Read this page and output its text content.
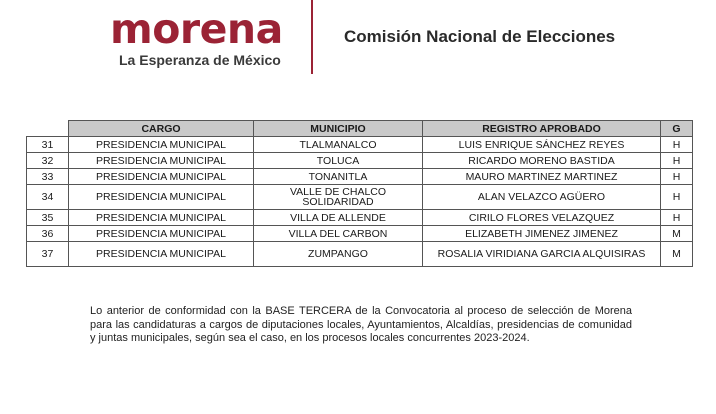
morena
La Esperanza de México
Comisión Nacional de Elecciones
	CARGO	MUNICIPIO	REGISTRO APROBADO	G
31	PRESIDENCIA MUNICIPAL	TLALMANALCO	LUIS ENRIQUE SÁNCHEZ REYES	H
32	PRESIDENCIA MUNICIPAL	TOLUCA	RICARDO MORENO BASTIDA	H
33	PRESIDENCIA MUNICIPAL	TONANITLA	MAURO MARTINEZ MARTINEZ	H
34	PRESIDENCIA MUNICIPAL	VALLE DE CHALCO SOLIDARIDAD	ALAN VELAZCO AGÜERO	H
35	PRESIDENCIA MUNICIPAL	VILLA DE ALLENDE	CIRILO FLORES VELAZQUEZ	H
36	PRESIDENCIA MUNICIPAL	VILLA DEL CARBON	ELIZABETH JIMENEZ JIMENEZ	M
37	PRESIDENCIA MUNICIPAL	ZUMPANGO	ROSALIA VIRIDIANA GARCIA ALQUISIRAS	M

Lo anterior de conformidad con la BASE TERCERA de la Convocatoria al proceso de selección de Morena para las candidaturas a cargos de diputaciones locales, Ayuntamientos, Alcaldías, presidencias de comunidad y juntas municipales, según sea el caso, en los procesos locales concurrentes 2023-2024.
